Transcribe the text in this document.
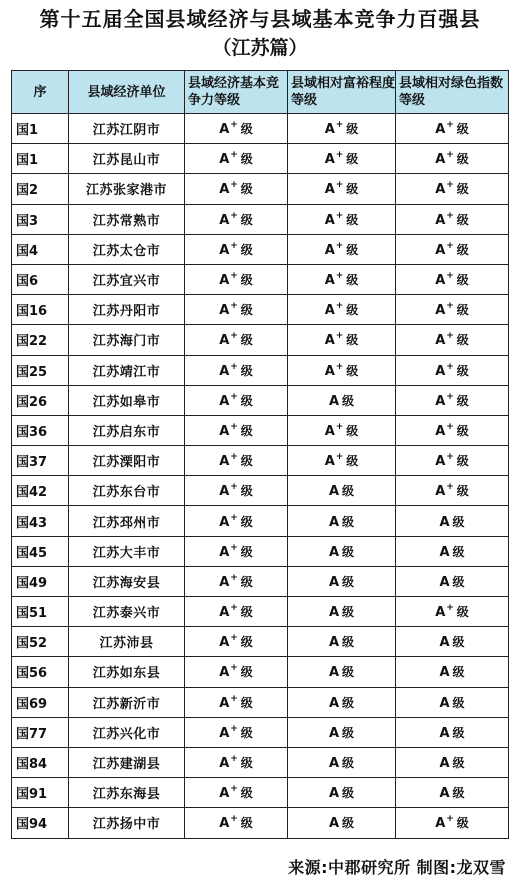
第十五届全国县域经济与县域基本竞争力百强县
（江苏篇）
序	县域经济单位	县域经济基本竞争力等级	县域相对富裕程度等级	县域相对绿色指数等级
国1	江苏江阴市	A+ 级	A+ 级	A+ 级
国1	江苏昆山市	A+ 级	A+ 级	A+ 级
国2	江苏张家港市	A+ 级	A+ 级	A+ 级
国3	江苏常熟市	A+ 级	A+ 级	A+ 级
国4	江苏太仓市	A+ 级	A+ 级	A+ 级
国6	江苏宜兴市	A+ 级	A+ 级	A+ 级
国16	江苏丹阳市	A+ 级	A+ 级	A+ 级
国22	江苏海门市	A+ 级	A+ 级	A+ 级
国25	江苏靖江市	A+ 级	A+ 级	A+ 级
国26	江苏如皋市	A+ 级	A 级	A+ 级
国36	江苏启东市	A+ 级	A+ 级	A+ 级
国37	江苏溧阳市	A+ 级	A+ 级	A+ 级
国42	江苏东台市	A+ 级	A 级	A+ 级
国43	江苏邳州市	A+ 级	A 级	A 级
国45	江苏大丰市	A+ 级	A 级	A 级
国49	江苏海安县	A+ 级	A 级	A 级
国51	江苏泰兴市	A+ 级	A 级	A+ 级
国52	江苏沛县	A+ 级	A 级	A 级
国56	江苏如东县	A+ 级	A 级	A 级
国69	江苏新沂市	A+ 级	A 级	A 级
国77	江苏兴化市	A+ 级	A 级	A 级
国84	江苏建湖县	A+ 级	A 级	A 级
国91	江苏东海县	A+ 级	A 级	A 级
国94	江苏扬中市	A+ 级	A 级	A+ 级
来源:中郡研究所 制图:龙双雪
